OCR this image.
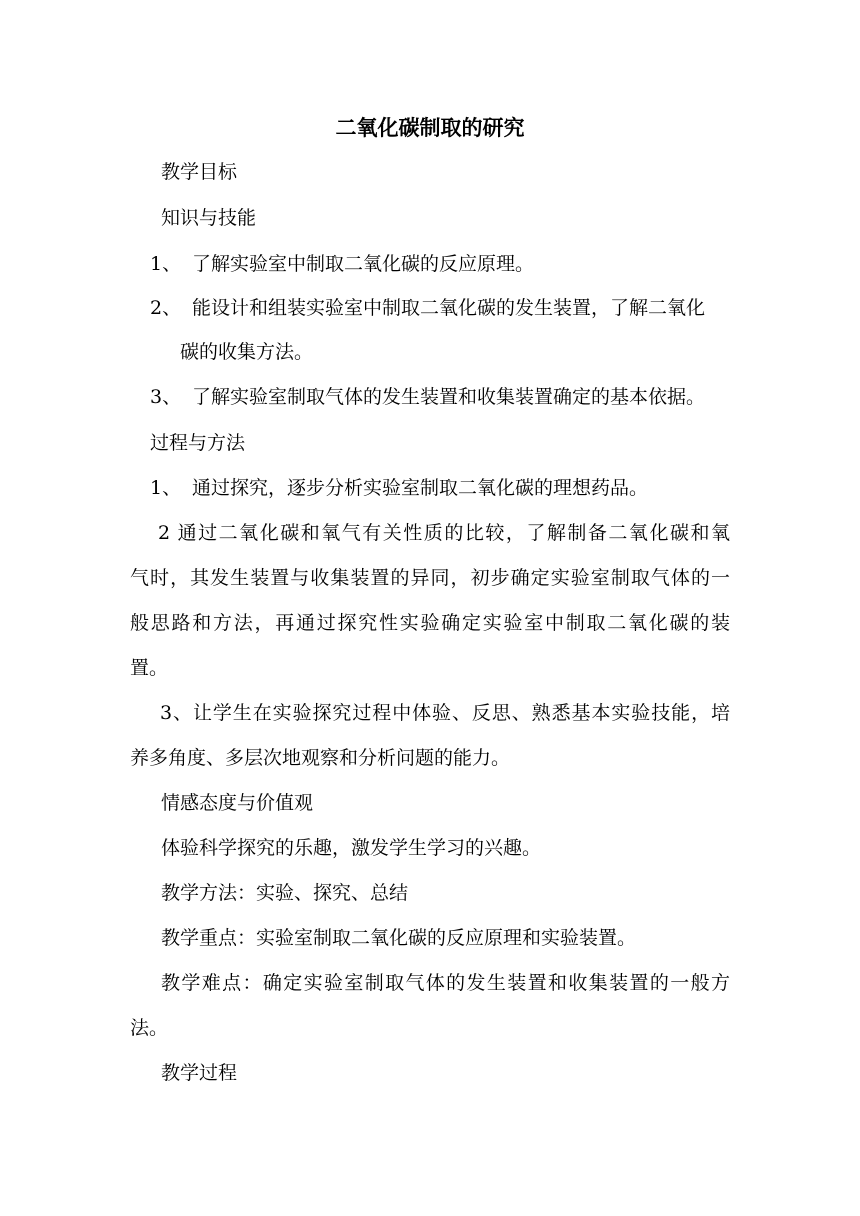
二氧化碳制取的研究
教学目标
知识与技能
1、 了解实验室中制取二氧化碳的反应原理。
2、 能设计和组装实验室中制取二氧化碳的发生装置，了解二氧化
碳的收集方法。
3、 了解实验室制取气体的发生装置和收集装置确定的基本依据。
过程与方法
1、 通过探究，逐步分析实验室制取二氧化碳的理想药品。
2 通过二氧化碳和氧气有关性质的比较，了解制备二氧化碳和氧
气时，其发生装置与收集装置的异同，初步确定实验室制取气体的一
般思路和方法，再通过探究性实验确定实验室中制取二氧化碳的装
置。
3、让学生在实验探究过程中体验、反思、熟悉基本实验技能，培
养多角度、多层次地观察和分析问题的能力。
情感态度与价值观
体验科学探究的乐趣，激发学生学习的兴趣。
教学方法：实验、探究、总结
教学重点：实验室制取二氧化碳的反应原理和实验装置。
教学难点：确定实验室制取气体的发生装置和收集装置的一般方
法。
教学过程
